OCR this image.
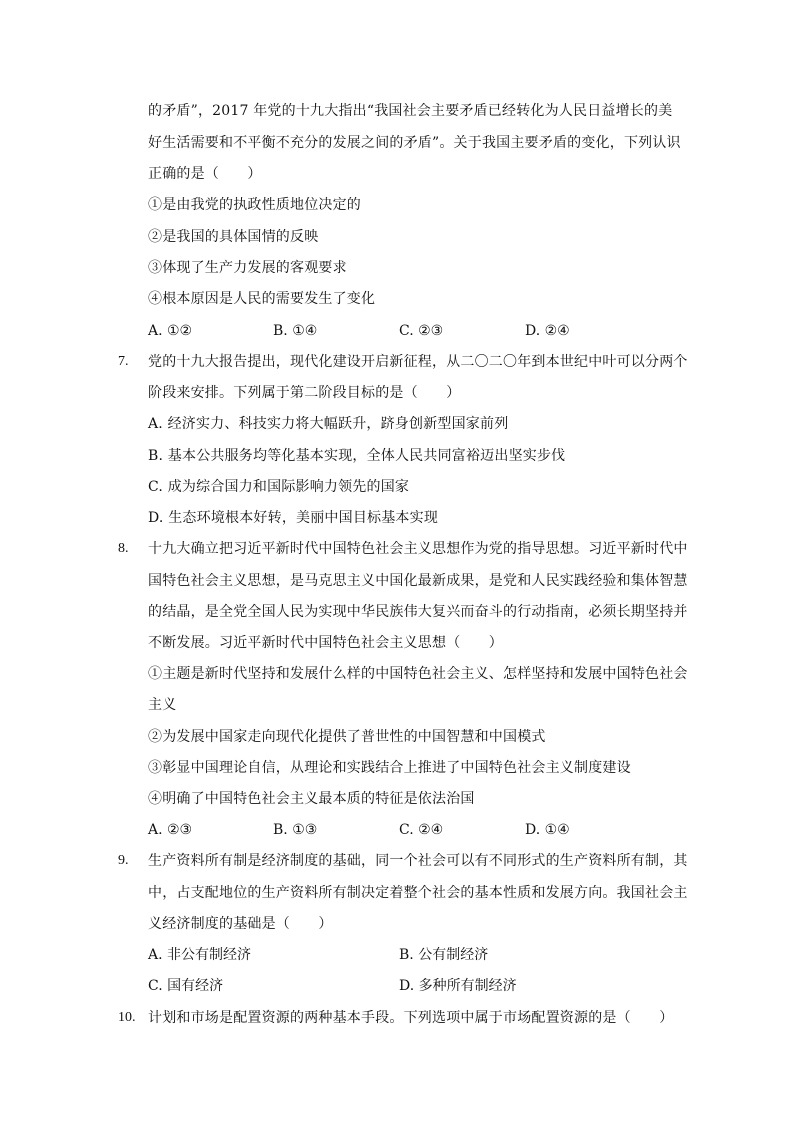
的矛盾”，2017 年党的十九大指出“我国社会主要矛盾已经转化为人民日益增长的美
好生活需要和不平衡不充分的发展之间的矛盾”。关于我国主要矛盾的变化，下列认识
正确的是（　　）
①是由我党的执政性质地位决定的
②是我国的具体国情的反映
③体现了生产力发展的客观要求
④根本原因是人民的需要发生了变化
A. ①②	B. ①④	C. ②③	D. ②④
7. 党的十九大报告提出，现代化建设开启新征程，从二〇二〇年到本世纪中叶可以分两个
阶段来安排。下列属于第二阶段目标的是（　　）
A. 经济实力、科技实力将大幅跃升，跻身创新型国家前列
B. 基本公共服务均等化基本实现，全体人民共同富裕迈出坚实步伐
C. 成为综合国力和国际影响力领先的国家
D. 生态环境根本好转，美丽中国目标基本实现
8. 十九大确立把习近平新时代中国特色社会主义思想作为党的指导思想。习近平新时代中
国特色社会主义思想，是马克思主义中国化最新成果，是党和人民实践经验和集体智慧
的结晶，是全党全国人民为实现中华民族伟大复兴而奋斗的行动指南，必须长期坚持并
不断发展。习近平新时代中国特色社会主义思想（　　）
①主题是新时代坚持和发展什么样的中国特色社会主义、怎样坚持和发展中国特色社会
主义
②为发展中国家走向现代化提供了普世性的中国智慧和中国模式
③彰显中国理论自信，从理论和实践结合上推进了中国特色社会主义制度建设
④明确了中国特色社会主义最本质的特征是依法治国
A. ②③	B. ①③	C. ②④	D. ①④
9. 生产资料所有制是经济制度的基础，同一个社会可以有不同形式的生产资料所有制，其
中，占支配地位的生产资料所有制决定着整个社会的基本性质和发展方向。我国社会主
义经济制度的基础是（　　）
A. 非公有制经济	B. 公有制经济
C. 国有经济	D. 多种所有制经济
10. 计划和市场是配置资源的两种基本手段。下列选项中属于市场配置资源的是（　　）
